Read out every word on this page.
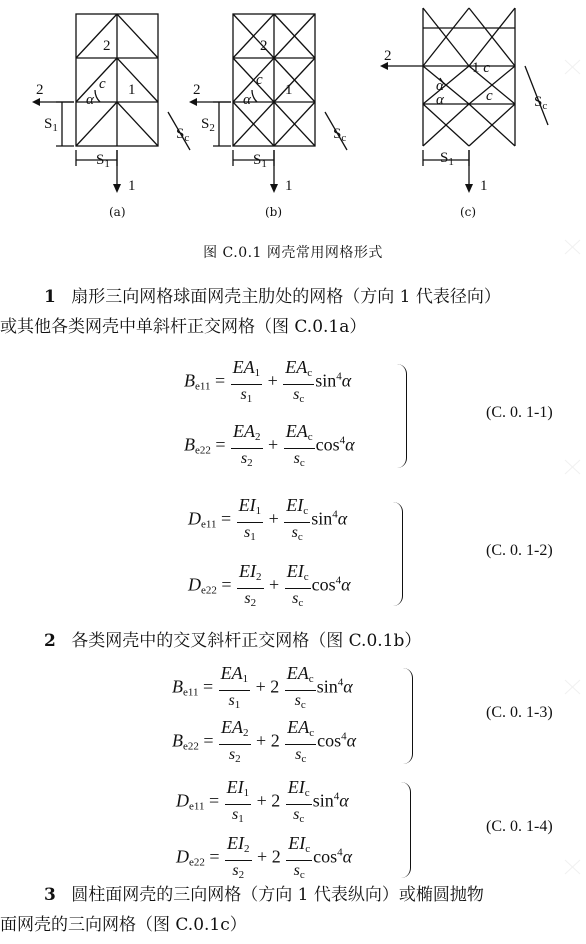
2
1
c
α
2
1
$S_1$
$S_1$	$S_c$
2
1
c
α
2
1
$S_1$
$S_2$	$S_c$
1 c
c
α
α
2
1
$S_1$
$S_c$
(a)	(b)	(c)
图 C.0.1 网壳常用网格形式
1 扇形三向网格球面网壳主肋处的网格（方向 1 代表径向）
或其他各类网壳中单斜杆正交网格（图 C.0.1a）
$Be11 = \frac{EA1}{s1} + \frac{\text{EAc}}{sc} \sin^4\alpha$
$Be22 = \frac{EA2}{s2} + \frac{\text{EAc}}{sc} \cos^4\alpha$
(C. 0. 1-1)
$De11 = \frac{EI1}{s1} + \frac{\text{EIc}}{sc} \sin^4\alpha$
$De22 = \frac{EI2}{s2} + \frac{\text{EIc}}{sc} \cos^4\alpha$
(C. 0. 1-2)
2 各类网壳中的交叉斜杆正交网格（图 C.0.1b）
$Be11 = \frac{EA1}{s1} + 2 \frac{\text{EAc}}{sc} \sin^4\alpha$
$Be22 = \frac{EA2}{s2} + 2 \frac{\text{EAc}}{sc} \cos^4\alpha$
(C. 0. 1-3)
$De11 = \frac{EI1}{s1} + 2 \frac{\text{EIc}}{sc} \sin^4\alpha$
$De22 = \frac{EI2}{s2} + 2 \frac{\text{EIc}}{sc} \cos^4\alpha$
(C. 0. 1-4)
3 圆柱面网壳的三向网格（方向 1 代表纵向）或椭圆抛物
面网壳的三向网格（图 C.0.1c）
